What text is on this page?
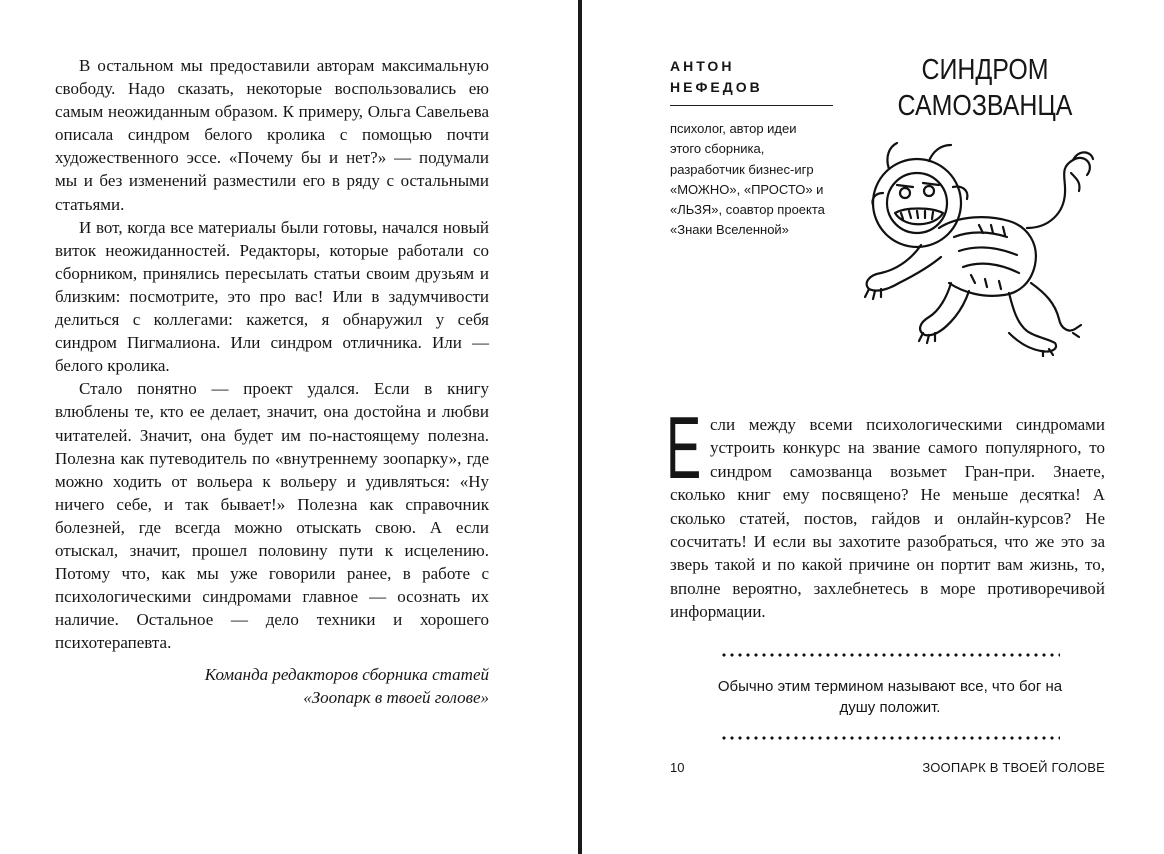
В остальном мы предоставили авторам максимальную свободу. Надо сказать, некоторые воспользовались ею самым неожиданным образом. К примеру, Ольга Савельева описала синдром белого кролика с помощью почти художественного эссе. «Почему бы и нет?» — подумали мы и без изменений разместили его в ряду с остальными статьями.

И вот, когда все материалы были готовы, начался новый виток неожиданностей. Редакторы, которые работали со сборником, принялись пересылать статьи своим друзьям и близким: посмотрите, это про вас! Или в задумчивости делиться с коллегами: кажется, я обнаружил у себя синдром Пигмалиона. Или синдром отличника. Или — белого кролика.

Стало понятно — проект удался. Если в книгу влюблены те, кто ее делает, значит, она достойна и любви читателей. Значит, она будет им по-настоящему полезна. Полезна как путеводитель по «внутреннему зоопарку», где можно ходить от вольера к вольеру и удивляться: «Ну ничего себе, и так бывает!» Полезна как справочник болезней, где всегда можно отыскать свою. А если отыскал, значит, прошел половину пути к исцелению. Потому что, как мы уже говорили ранее, в работе с психологическими синдромами главное — осознать их наличие. Остальное — дело техники и хорошего психотерапевта.

Команда редакторов сборника статей
«Зоопарк в твоей голове»
АНТОН
НЕФЕДОВ
психолог, автор идеи этого сборника, разработчик бизнес-игр «МОЖНО», «ПРОСТО» и «ЛЬЗЯ», соавтор проекта «Знаки Вселенной»
СИНДРОМ
САМОЗВАНЦА
Е сли между всеми психологическими синдромами устроить конкурс на звание самого популярного, то синдром самозванца возьмет Гран-при. Знаете, сколько книг ему посвящено? Не меньше десятка! А сколько статей, постов, гайдов и онлайн-курсов? Не сосчитать! И если вы захотите разобраться, что же это за зверь такой и по какой причине он портит вам жизнь, то, вполне вероятно, захлебнетесь в море противоречивой информации.

Обычно этим термином называют все, что бог на душу положит.
10	ЗООПАРК В ТВОЕЙ ГОЛОВЕ
